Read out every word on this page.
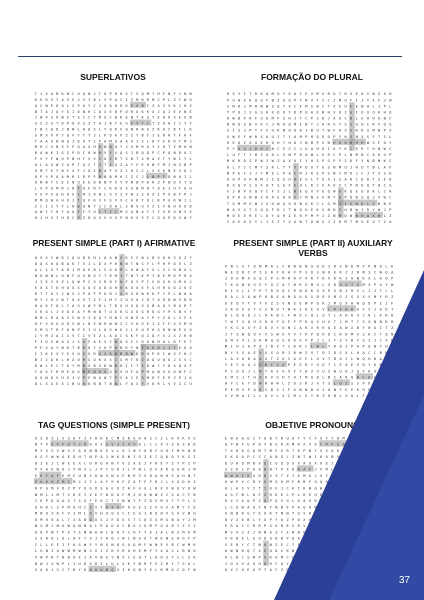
SUPERLATIVOS
T J V A B K W C U Q W J T U P R H X T V Q M T H F N F J N W
K E R S Y A S E J V I B L V P A C I Z M R R M C P L Z C W U
Q C W P O Q L S P O Y C J Q O H H K S G B C Z X V V K J H Z
B T A J Q Y S I D N H C D X E B P U R U K K X J Q I E V N E
J W V S U N F T S I C T M G C B R E N T K G Y E R P X E E B
G C Z G T D P O X S Z T A J B Y E G X V T I T Z O H I C Y F
I B C Q D J N N L H Q S L Y Q K V Q N R B G Z K A C B F L K
G M X P P Y Q F Y T T J L P O A F Z Z Y B T I E R R T F K F
T A A U W N Q J D U Y I P A M O A A A I J L K Y F R D T M J
M H C V N S F P Q A X H R W B Q Y J G M R A Y I H T V M H N
B A W K I G Z P D C H W H V Y X Q S J B Q D P C P Q N D O I
F V Y F W U P B H T V V C O V B T S B T X M A V T Y W I Y L
O L A X W Z U P T Q C T V T J U Z A Y F E R W F M I N S B P
U M T E Y N F X F J U I B A F S Z I R C C L V X K N E Z Q J
O P V P U A M R I R P F N B B M K I Z C J L N P F D N U I L
O M W Y C E I N U E E D W N P V Y P N W P H R Z P W D V T O
L V P U M R J D F O F R T C K K G X X B M R Y Q E I U T Q H
V G P X Q D H F I M I O W L G V Z V W J S H Z I P G B F P J
M M Q W G H U J T Q F K V F S V V C A K Y U L R P G R W J L
Z C I J Y T L H D Q N Y J C O A L J B X U V Z I V B H K O D
A W I C K F A Q F F Y U C T I C M G Q N A C I Y X H O N V E
H J H S I H D C P Z D Q S V U S P N K X E F C G O P D V W F
FORMAÇÃO DO PLURAL
R V I I T R D Q M O Y E A C E X M X R O T R S E K I N G X H
P U W X K Q O F B Z O O P Y N V T I C J M U F I J T I F J W
S M K J M H N W Z Q Y X C F M I B C T X E U E E W H L J P L
T P O J S G S H X D U Y D P U A E W H X O I G I O O O K H Q
H W B P R F U D M F S H J T C P S H J A G C B L E H H A B F
B W O S B V K C J N K Q M I B T J A R X Y S I G H C K V Q S
S I S J P T F V G R N Q D A I B U T W F H X S K R S M N P X
X W E F W R X A U J T Y A M P H Q D O P Y H V N X S F T S L
H E Q Z O G E H Q H T H U J N B P V N U Q O K H R W G F O Y
P Y U G J D Q I N C E G C J U A H O I K Y K C K R T H N W C
L U F T Y B Z U A L S N P D A W L X R C P L N M N C A K G P
M K R D Z P W J W Z A V A I Y H S P G P F I K F Y N B M K C
K L T C C M Y S R L T T Y P D X T G S N M U J H O T B L A F
W P E F Z J Y M E L P A C R J K E P S N C M D J C J T Z S R
O O P G H W M J Z Q E H D E G L T G X I S A H C D D T S E D
D X Q V S S F A T S G F S U L R C X A O Z C P D K Q T H C G
F J B P X O V C F I J L N E Q V V E Q W O K Q E O O K L C R
O P K G N B Z H A E H R F Y M N S V N Y D P D W G Q J V W C
T G M M G W J G U W Q O K W Q K J L G M J I S W D L I B B E
N A V X T S Q Q F D C T W O U E K S N D Y H B W Y R Y W J P
M O E E R E L D Y Q H Z E R P M P I Z N M D W N H A X W L Z
I O E A S Y L J S Z Y V A W T A N X J J R M T N V E V T Z A
PRESENT SIMPLE (PART I) AFIRMATIVE
H S X Y W D C Q U D K H L Q A N S K S C W L D V D H S G Z Y
D Q X H Q B A K T V I L D X P H N N T N S Y L P H P O E L Z
A L I G Y A H J M O E B L S G K M L U W A C G L S C D B U L
N U W N L U N F Q X N U C T R M J T N T K P I B E M D P R A
J I E V V Z L Q W P C G S R O F U F O V P C G D G K G M U J
E U X T U H Q G X G O E A D O H K K O U E F S H R O D J U E
R T T A Y J W S J P O F P U H J X B G H W R K F C P L W H A
M Y J H Z W T U X G T Z F J M C Z U G A J D Y O D D W S B R
H A K F O L Y A G X W F M L T D G H G Q G G B A O Y B O R T
S R O L J V D E A F M N B T U E K G X U G R K G Y P S B V Y
N M L R A Q Z V W V I Q Q Y H W C H W E A C P Y Z U L X F X
H F V O G O D S N L B E W R W W Z C V K G E I S I F X S M H
S M G T R F H N P S I U L Q G W U J L E O P H G R N W E G U
L Y M Z A I C V T I V E Z L A O C S K F Q Z D F S J X Z H B
F I D V W O G J S X F A E V Y N Q V I C D A N H A L R T E T
P F X A Y N K T B D D Y S K P N B K Y N T K D D J J Y E Q O
I I K E X Y E S O S G R G X R D B B W D D U P K I W G Y H C
B I J A K L H X U H G U K X X C G M T R Z U Q U Q O J S V C
K W L E C T K Y M N V B X D W B H I I T X D W Y Y D X D X F
C Q G I R M E O G B P B K G G R X H F A P M A N X G O W F C
U G N D V H G J V P F N O W T P S A C E S M R F E P Z P J K
D L X G E X I B U U K B B T B N L F Q X Y V O R L V V Z C U
PRESENT SIMPLE (PART II) AUXILIARY VERBS
P N C S T O N M A L C W W B N G U K Z R X N D M F P N O L K
W E Q R C P I S R F K H V P X O S W U E R Z J R N S I W Q A
J O E M X G Q C P G M R R P X K T R V K K I A N K X L K O P
T K K W U G E F O C A T B R G M O L S D U G T S M X P U Y W
R I X L L F P T D O Q C R N O K U X E X N J H X L I J T L L
U A L X O W P K B E A M D U O X D R V M G J G S X V M Y R Z
U E Q Y T V T V Z S V N E E W P G K J M Q X H W Q D P Z J F
J K D E S T V S N U T W K I D E U V L P I Q D A F V J O D T
D L Q G D J L R K B L F N X C H L O T L A H K V J R L K R H
T W T X Q H G K H F O F F P K Q V H X T J M T Y S G N B R M
Y K G U X F Z O V Y U N C A R V R R Q E A W X B Y H G I T Z
J T S N Q U F V S W U V V Y P P Q K O I R D M V S K I T Q N
Q M V V L S R W O Q G U D X V P J C J Y Z Y D Y S I J C X R
M I H I A P A J B Z T C R R C L N L T R Q Z P A P Q B Y H E
N Y S S A E X X X O B J B W Z V T D I D G X L U A C C B M Q
L A V Q D A A G T Z U I A E F L U V T B O J L W Q H D A B U
Y E F U A X Z B F Z Q P E G K Y G D T C E A E X D Y U N T G
P C Q U J L N Y A E G V F T H Z V U Z W U O J Q F R U G G R
E M S J T H G O V G H T U I M G D L B C A R Q R L E U W D U
H Y C E Y D W R H W L Z O S R J X T S L Q Z S S P D L A D F
P E M V P Q B V B S J F G N N B U J O N F E E K H E K J X Q
V V N A I L L U V L S C M L S Y K Z H B L X U L F Z K Q D T
TAG QUESTIONS (SIMPLE PRESENT)
O Z O Z L V U A T J F R D K C M Z K X K A S C J L K V K V V
B T V V P F D T J K Q U Z S V J J X Y A L C C X I Z Q Z D D
M Y S G V W S F A H N N K E V L O J W C O B F U K I M K W B
K G Y W W O E D H T N P A J W K D N I G Z E C Q K D Y K S I
O I E J I W E E X L G R O A N Y V Z A E J F K E Y Z T P I P
P V A K W O J Y N Z L J P T O R I L P N L U V A R Q O R J M
E K F Q F E M E U B S K W G N G F N R Z V O A W H S A H N T
Z U K U Z M C M J J T L A F E K F Z A F F F R J L X U D K Z
R P G M V D Z P Y O G D S G E U Z K F X G L K E V W O V U W
W M L J M T S D E I V E P B D A F M Z R Q W W Z C G A C F B
I E P D O A Z T S G F E K I T V N W Y F Z D V M X T T P L G
Q H K L S P M D H C Z V T R S V P H U E Z Z V G X A M Y C D
M N O Z R F V Z M L X V H U Q S C I E G I B Q B V S X V W H
O M R K A L T X A B O U S J F D S S T C Q Z X M G N Q Y J M
N X M J N A W Q N N Q L R A D U C B G J Q M F G X B I Y I I
A K P N T P X T S N W K W L B H Y C H T Y E I A L B S M K M
S S R O L U L A F T V J Y H Q J W L N X G T W K N E K G F P
I L L E F I F A S W F Y N G N Q O U Q M F W N E V B C W M K
L G N Z U W W M W N S X J Z K V R U H E M F Y X A J L B W O
V W P R T B B A I J A V B E Y N X C E Q T L U H S T C L Z R
B W J X W P L I U D S K I L U L X K Y N R F S Z R Y T S O L
V A K J S C T B Y K N H U M Q G I K G N Y E L R M O C O F N
OBJETIVE PRONOUNS
E W E Q O I T A B Y R U O Y Y C F X Y Y D M N A E K A K Y M
Q P W F U P Q Y B G K R M R X V D C P F S G H E F V W X G G
T X R D G Q M T M F S R T R P N Y S X A K J H B H E E C B C
E K G A P C Z C A N G L Z N T W I K O B V L E K Z B O O C S
Q U H O M R V Q I U Q Q X X A O X X E Z S F P V A D S B A T
S S K L P A Q B B T P X D N A F J V M L R G F B A C I E N X
D W H I O U D B X Z T Z I A M O J V C C L I S R S P A Q E W
O W P V C R Y G M G U M F B B F O Q R Q P B U K S I M C T F
Q L A S V I T I O E J C K I K W Q W Y T X C B Y S Y K F W R
A G F N L K F Z R K E L P L D E H E N B Y D E W J C K Q E X
K X V A Q P Z U P Q V G L D A U D G C G L V W Y I L E B K O
L C O W A O T N Y N B E P A Q K W U J Z A V U T H S J D D I
U N B R G Y E U K T M W T U S R D L X Y J V O Z X M R O C W
D V Z D B L Y G P Y U Z P D X H Q V L T E N X I W M T Y Y W
E R A Y C R R P G U R E S R V W A R R D B M L M U J H A I Y
M S V S Z J B N A Z T E W B F D Y P E S S M W A K V X J Y U
V R B E L E U Q O D R P Q A R S B H S E V C W R I L H T K B
V E K Y C T N Q N Z E C T F Y G B L X F A B A C F Z C U L L
D W N R Q T X E O D X K W G Q M Q R K L Z A C Z U B A D R P
K L B C S W P X K H M C Q V K A J R X N K Q S Y R I S M U E
J O S V A S H O R C Q Y S Q Y O A D A E X O N R O M V L M W
Q X C O E A P T A F Z N U I Y T F R N B E M G V C F B U J H
37
